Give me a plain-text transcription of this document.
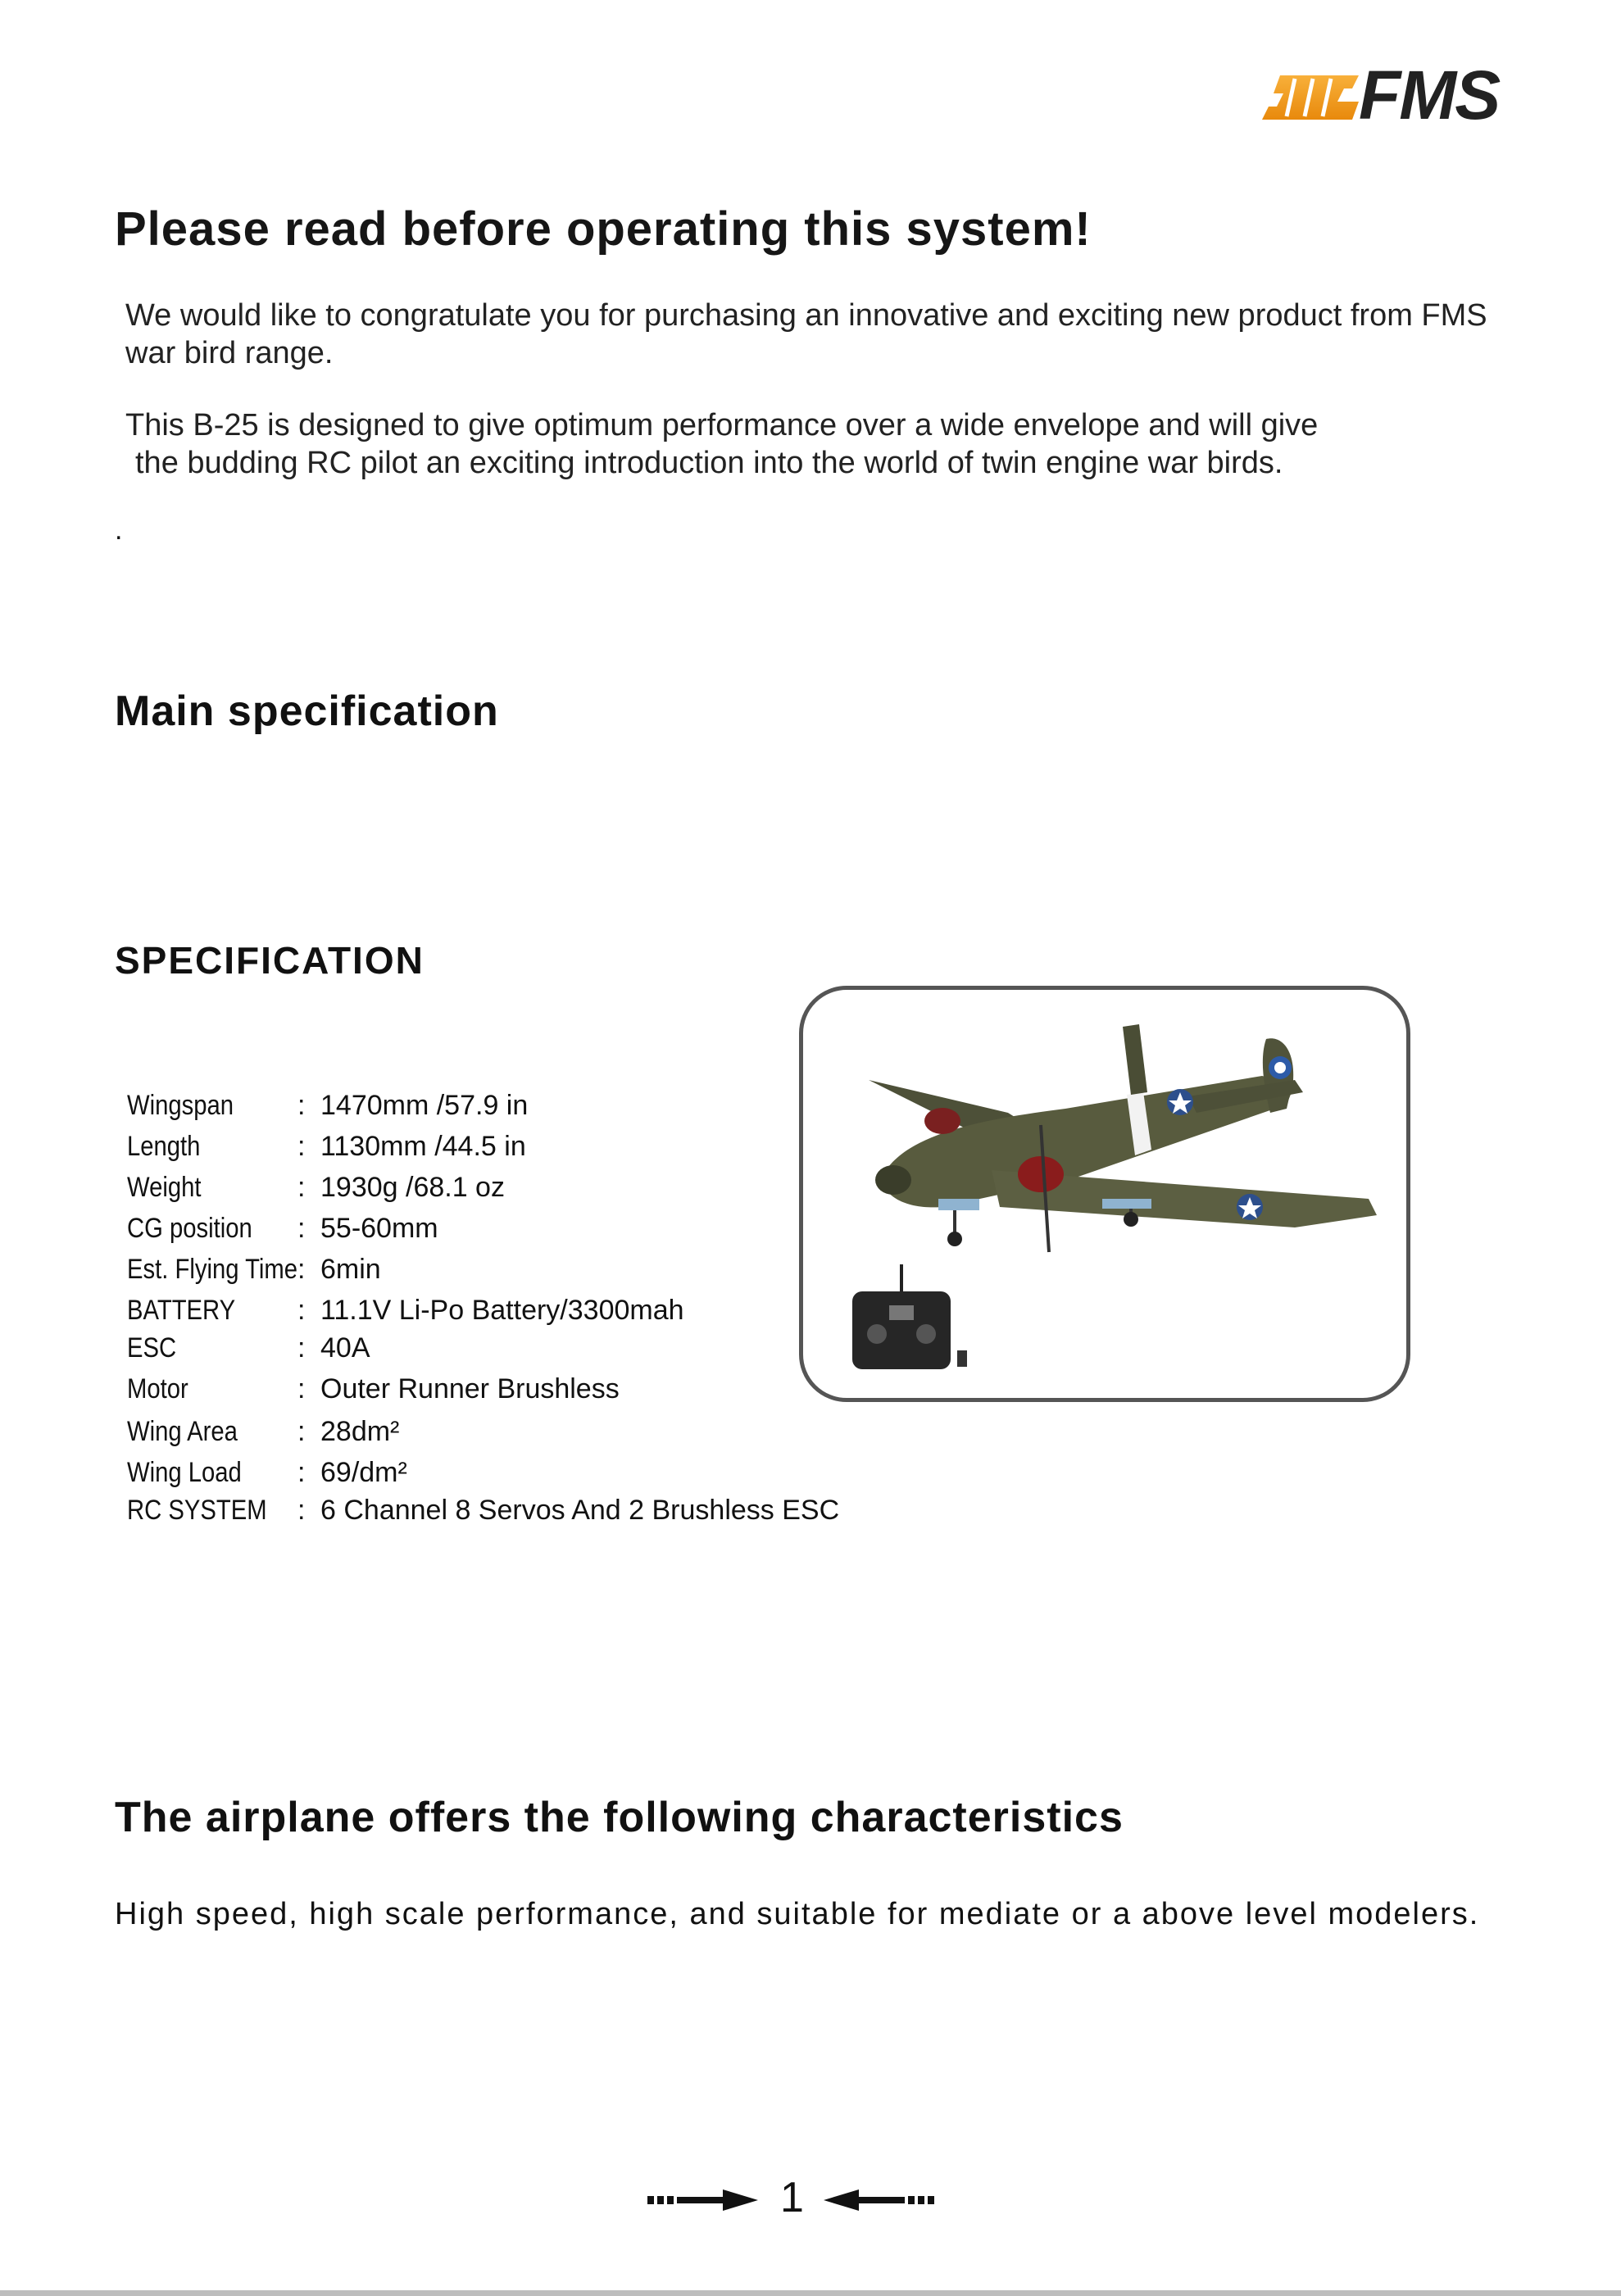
FMS
Please read before operating this system!
We would like to congratulate you for purchasing an innovative and exciting new product from FMS war bird range.
This B-25 is designed to give optimum performance over a wide envelope and will give
the budding RC pilot an exciting introduction into the world of twin engine war birds.
.
Main specification
SPECIFICATION
Wingspan	: 1470mm /57.9 in
Length	: 1130mm /44.5 in
Weight	: 1930g /68.1 oz
CG position	: 55-60mm
Est. Flying Time : 6min
BATTERY	: 11.1V Li-Po Battery/3300mah
ESC	: 40A
Motor	: Outer Runner Brushless
Wing Area	: 28dm²
Wing Load	: 69/dm²
RC SYSTEM : 6 Channel 8 Servos And 2 Brushless ESC
The airplane offers the following characteristics
High speed, high scale performance, and suitable for mediate or a above level modelers.
1
